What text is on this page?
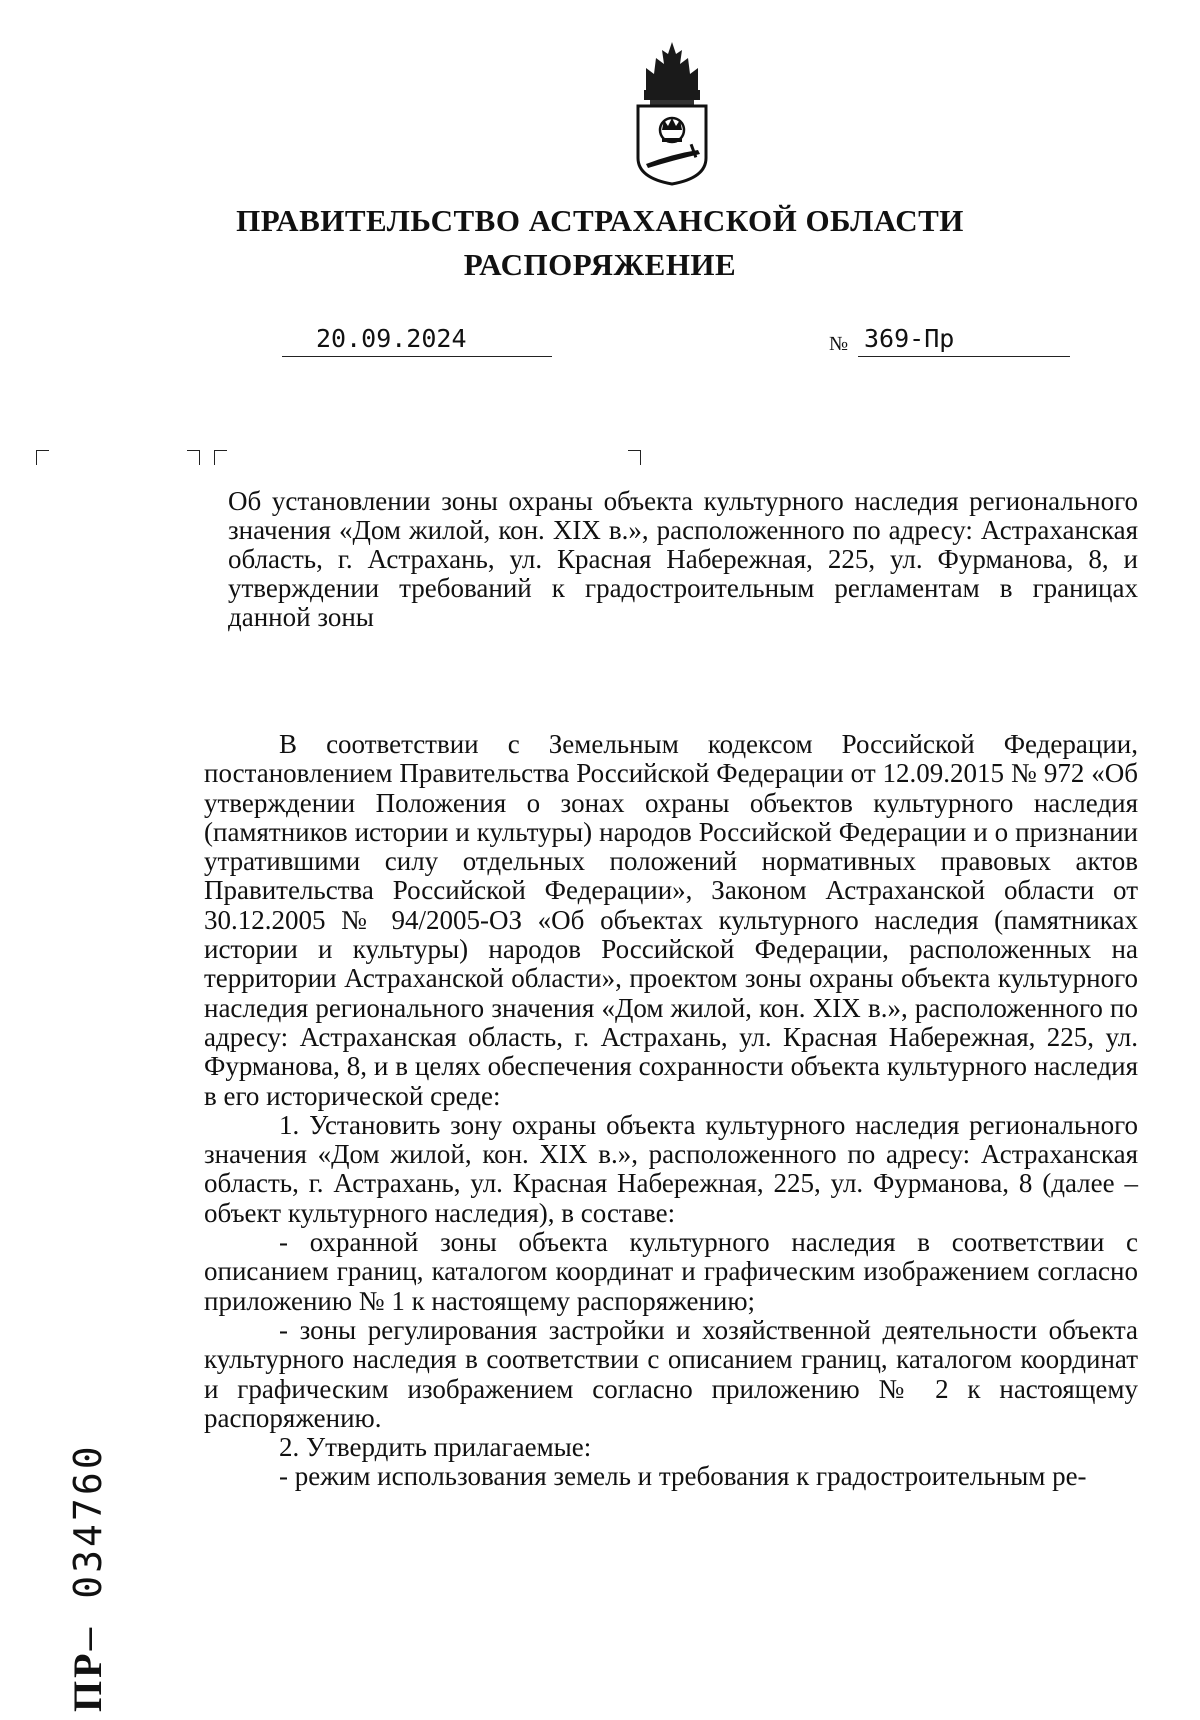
ПРАВИТЕЛЬСТВО АСТРАХАНСКОЙ ОБЛАСТИ
РАСПОРЯЖЕНИЕ
20.09.2024	№ 369-Пр
Об установлении зоны охраны объекта культурного наследия регионального значения «Дом жилой, кон. XIX в.», расположенного по адресу: Астраханская область, г. Астрахань, ул. Красная Набережная, 225, ул. Фурманова, 8, и утверждении требований к градостроительным регламентам в границах данной зоны

В соответствии с Земельным кодексом Российской Федерации, постановлением Правительства Российской Федерации от 12.09.2015 № 972 «Об утверждении Положения о зонах охраны объектов культурного наследия (памятников истории и культуры) народов Российской Федерации и о признании утратившими силу отдельных положений нормативных правовых актов Правительства Российской Федерации», Законом Астраханской области от 30.12.2005 № 94/2005-ОЗ «Об объектах культурного наследия (памятниках истории и культуры) народов Российской Федерации, расположенных на территории Астраханской области», проектом зоны охраны объекта культурного наследия регионального значения «Дом жилой, кон. XIX в.», расположенного по адресу: Астраханская область, г. Астрахань, ул. Красная Набережная, 225, ул. Фурманова, 8, и в целях обеспечения сохранности объекта культурного наследия в его исторической среде:

1. Установить зону охраны объекта культурного наследия регионального значения «Дом жилой, кон. XIX в.», расположенного по адресу: Астраханская область, г. Астрахань, ул. Красная Набережная, 225, ул. Фурманова, 8 (далее – объект культурного наследия), в составе:

- охранной зоны объекта культурного наследия в соответствии с описанием границ, каталогом координат и графическим изображением согласно приложению № 1 к настоящему распоряжению;

- зоны регулирования застройки и хозяйственной деятельности объекта культурного наследия в соответствии с описанием границ, каталогом координат и графическим изображением согласно приложению № 2 к настоящему распоряжению.

2. Утвердить прилагаемые:

- режим использования земель и требования к градостроительным ре-

ПР– 034760
